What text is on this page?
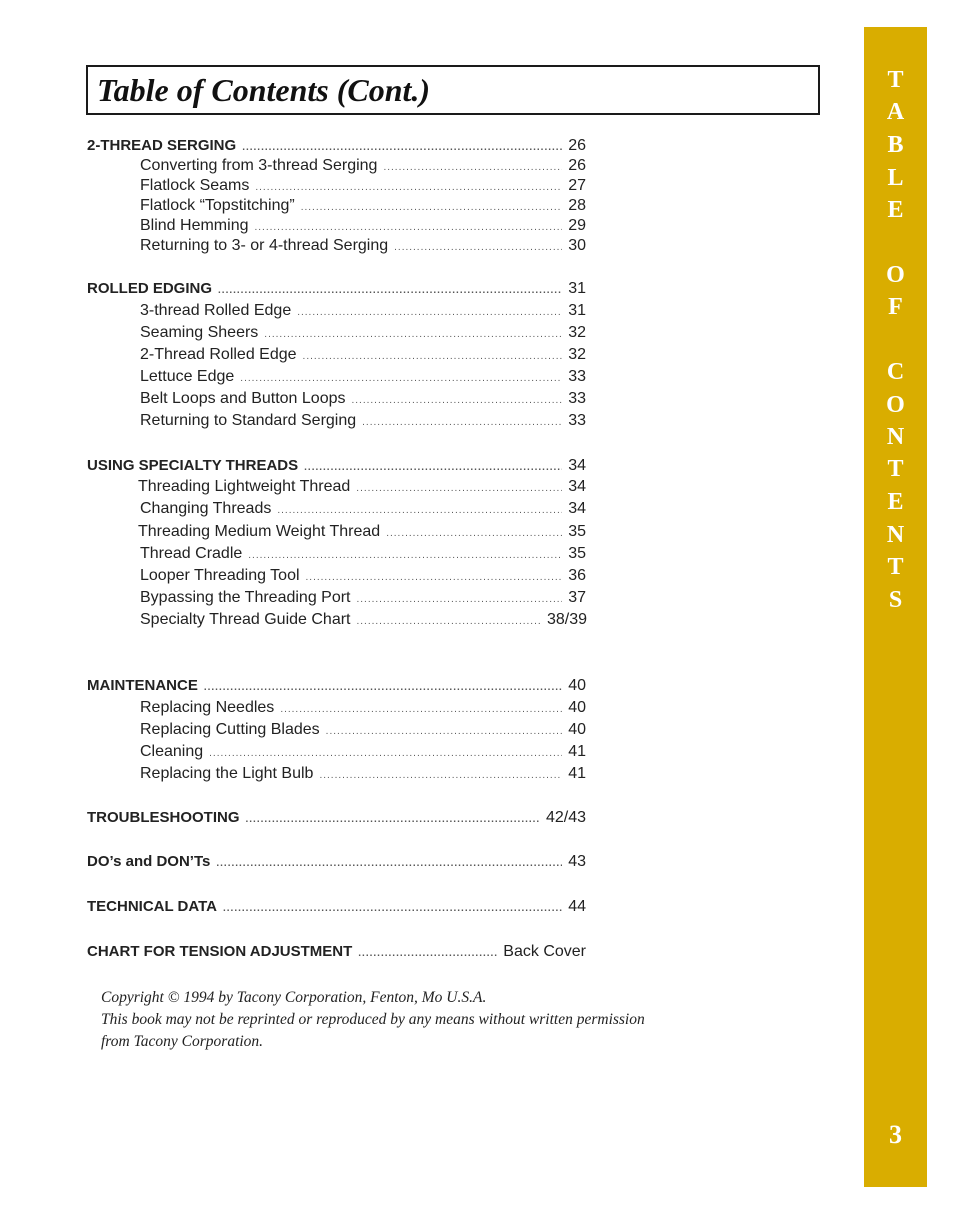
Table of Contents (Cont.)
2-THREAD SERGING .....	26
Converting from 3-thread Serging .....	26
Flatlock Seams .....	27
Flatlock “Topstitching” .....	28
Blind Hemming .....	29
Returning to 3- or 4-thread Serging .....	30
ROLLED EDGING .....	31
3-thread Rolled Edge .....	31
Seaming Sheers .....	32
2-Thread Rolled Edge .....	32
Lettuce Edge .....	33
Belt Loops and Button Loops .....	33
Returning to Standard Serging .....	33
USING SPECIALTY THREADS .....	34
Threading Lightweight Thread .....	34
Changing Threads .....	34
Threading Medium Weight Thread .....	35
Thread Cradle .....	35
Looper Threading Tool .....	36
Bypassing the Threading Port .....	37
Specialty Thread Guide Chart .....	38/39
MAINTENANCE .....	40
Replacing Needles .....	40
Replacing Cutting Blades .....	40
Cleaning .....	41
Replacing the Light Bulb .....	41
TROUBLESHOOTING .....	42/43
DO’s and DON’Ts .....	43
TECHNICAL DATA .....	44
CHART FOR TENSION ADJUSTMENT .....	Back Cover
Copyright © 1994 by Tacony Corporation, Fenton, Mo U.S.A.
This book may not be reprinted or reproduced by any means without written permission
from Tacony Corporation.
T
A
B
L
E
O
F
C
O
N
T
E
N
T
S
3
